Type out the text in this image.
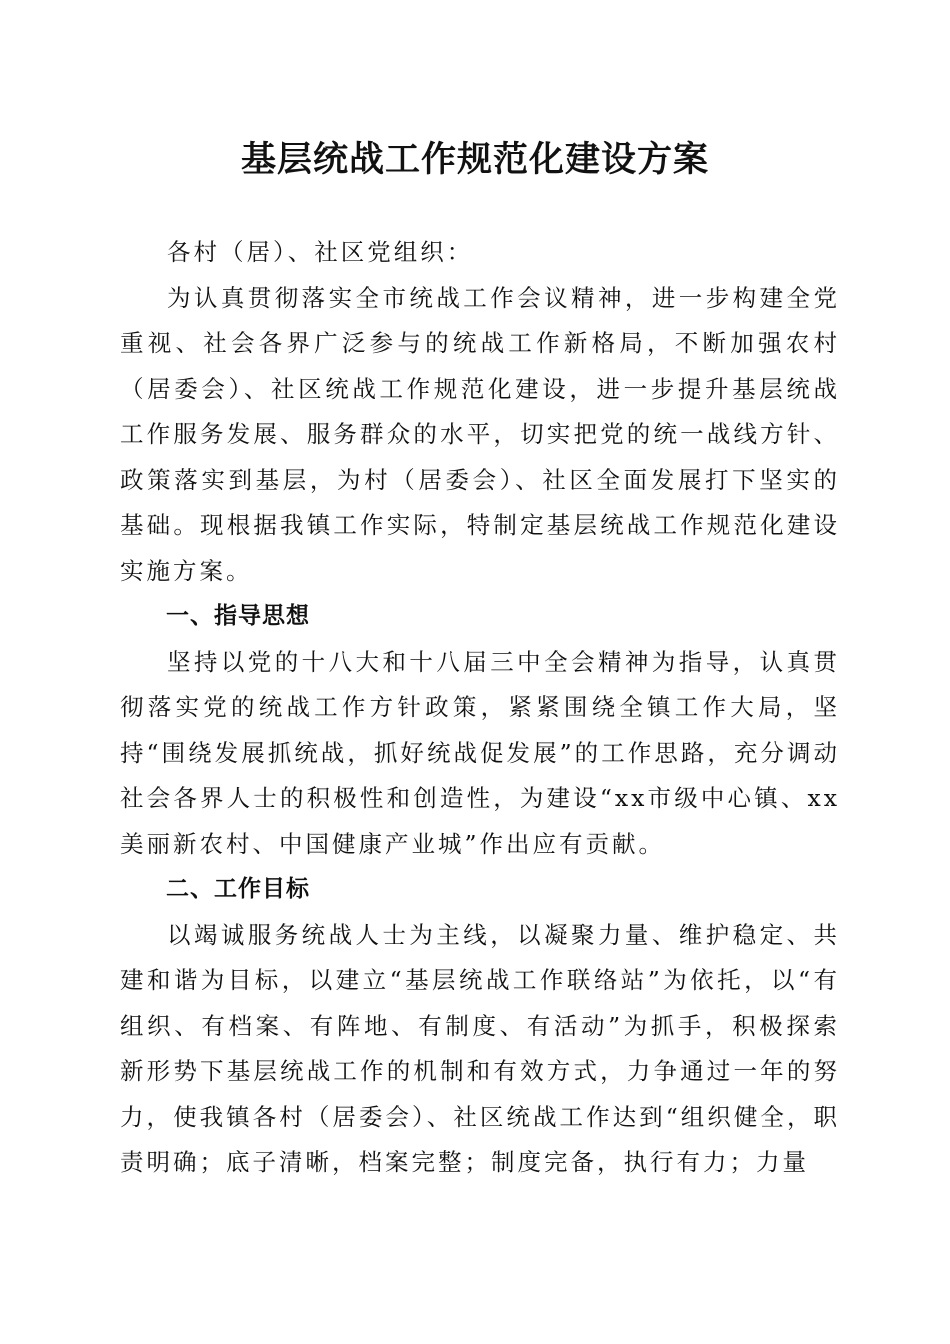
基层统战工作规范化建设方案

各村（居）、社区党组织：

为认真贯彻落实全市统战工作会议精神，进一步构建全党重视、社会各界广泛参与的统战工作新格局，不断加强农村（居委会）、社区统战工作规范化建设，进一步提升基层统战工作服务发展、服务群众的水平，切实把党的统一战线方针、政策落实到基层，为村（居委会）、社区全面发展打下坚实的基础。现根据我镇工作实际，特制定基层统战工作规范化建设实施方案。

一、指导思想

坚持以党的十八大和十八届三中全会精神为指导，认真贯彻落实党的统战工作方针政策，紧紧围绕全镇工作大局，坚持“围绕发展抓统战，抓好统战促发展”的工作思路，充分调动社会各界人士的积极性和创造性，为建设“xx市级中心镇、xx美丽新农村、中国健康产业城”作出应有贡献。

二、工作目标

以竭诚服务统战人士为主线，以凝聚力量、维护稳定、共建和谐为目标，以建立“基层统战工作联络站”为依托，以“有组织、有档案、有阵地、有制度、有活动”为抓手，积极探索新形势下基层统战工作的机制和有效方式，力争通过一年的努力，使我镇各村（居委会）、社区统战工作达到“组织健全，职责明确；底子清晰，档案完整；制度完备，执行有力；力量
